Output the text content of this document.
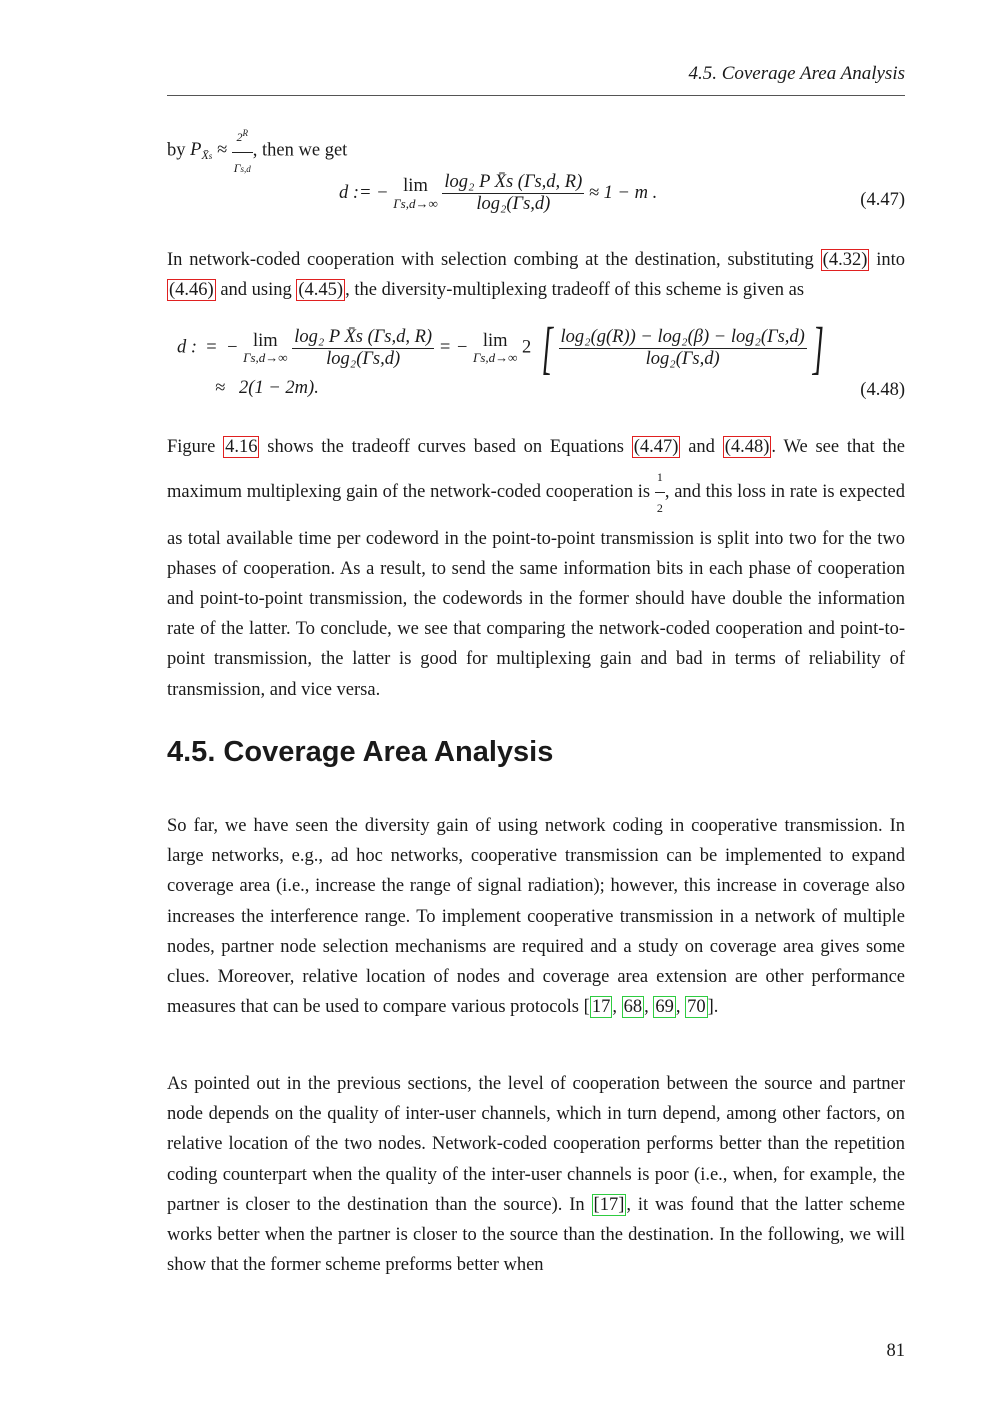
4.5. Coverage Area Analysis
by $P_{X̄s} \approx \frac{2^R}{\Gamma s,d}$ , then we get
d := − lim
Γs,d→∞
$\frac{\text{log₂ P X̄s (Γs,d, R)}}{\text{log₂(Γs,d)}} \approx 1 - m$ .	(4.47)
In network-coded cooperation with selection combing at the destination, substituting (4.32) into (4.46) and using (4.45) , the diversity-multiplexing tradeoff of this scheme is given as
d : = − lim
Γs,d→∞
$\frac{\text{log₂ P X̄s (Γs,d, R)}}{\text{log₂(Γs,d)}}$ = − lim
Γs,d→∞
2 [ $\frac{\text{log₂(g(R)) − log₂(β) − log₂(Γs,d)}}{\text{log₂(Γs,d)}}$ ]
≈ 2(1 − 2m).	(4.48)
Figure 4.16 shows the tradeoff curves based on Equations (4.47) and (4.48) . We see that the maximum multiplexing gain of the network-coded cooperation is $\frac{1}{2}$ , and this loss in rate is expected as total available time per codeword in the point-to-point transmission is split into two for the two phases of cooperation. As a result, to send the same information bits in each phase of cooperation and point-to-point transmission, the codewords in the former should have double the information rate of the latter. To conclude, we see that comparing the network-coded cooperation and point-to-point transmission, the latter is good for multiplexing gain and bad in terms of reliability of transmission, and vice versa.
4.5. Coverage Area Analysis
So far, we have seen the diversity gain of using network coding in cooperative transmission. In large networks, e.g., ad hoc networks, cooperative transmission can be implemented to expand coverage area (i.e., increase the range of signal radiation); however, this increase in coverage also increases the interference range. To implement cooperative transmission in a network of multiple nodes, partner node selection mechanisms are required and a study on coverage area gives some clues. Moreover, relative location of nodes and coverage area extension are other performance measures that can be used to compare various protocols [ 17 , 68 , 69 , 70 ].
As pointed out in the previous sections, the level of cooperation between the source and partner node depends on the quality of inter-user channels, which in turn depend, among other factors, on relative location of the two nodes. Network-coded cooperation performs better than the repetition coding counterpart when the quality of the inter-user channels is poor (i.e., when, for example, the partner is closer to the destination than the source). In [17] , it was found that the latter scheme works better when the partner is closer to the source than the destination. In the following, we will show that the former scheme preforms better when
81
